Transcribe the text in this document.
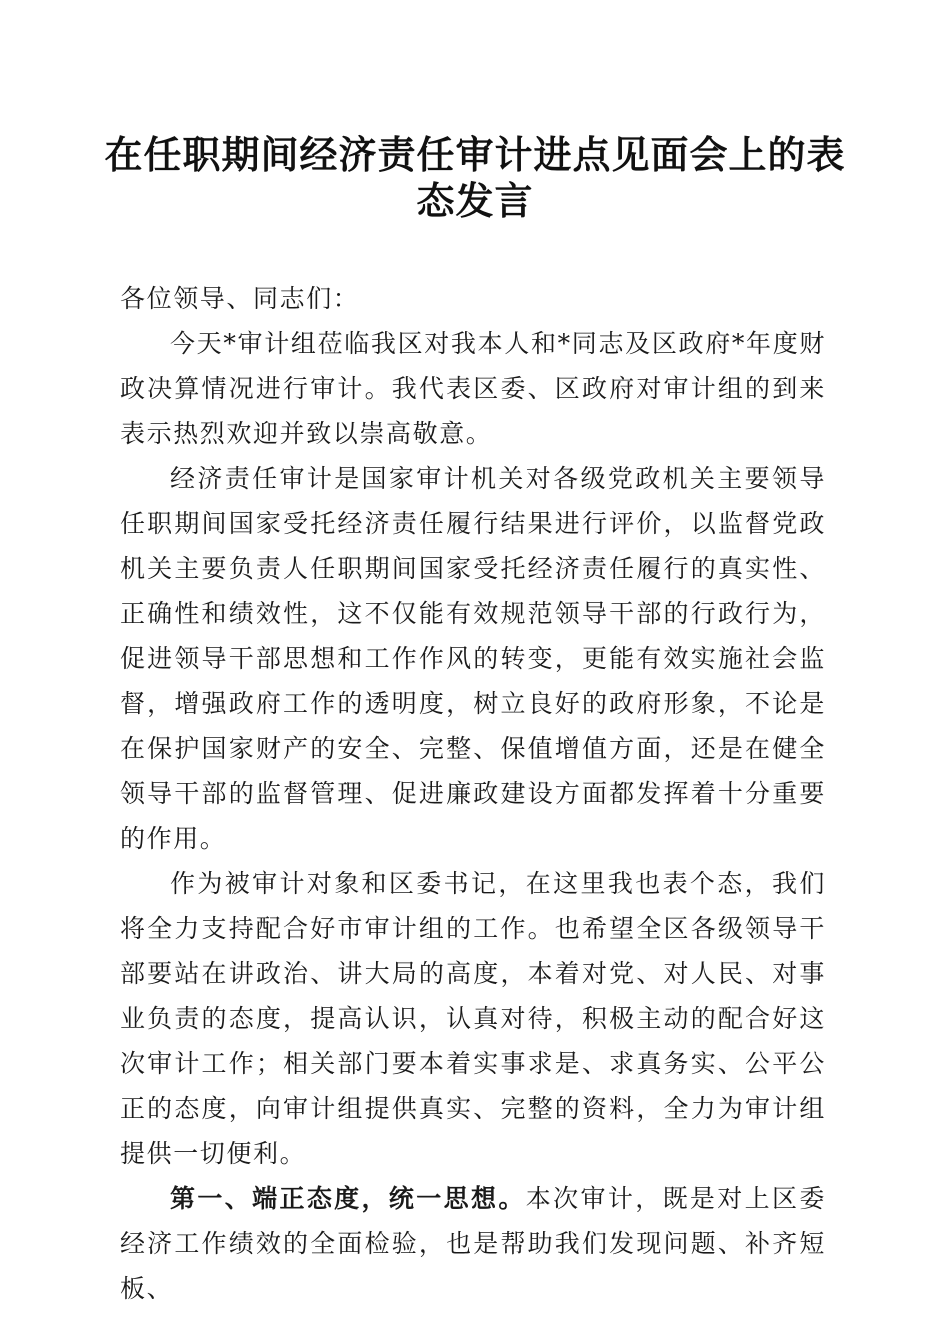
在任职期间经济责任审计进点见面会上的表态发言

各位领导、同志们：

今天*审计组莅临我区对我本人和*同志及区政府*年度财政决算情况进行审计。我代表区委、区政府对审计组的到来表示热烈欢迎并致以崇高敬意。

经济责任审计是国家审计机关对各级党政机关主要领导任职期间国家受托经济责任履行结果进行评价，以监督党政机关主要负责人任职期间国家受托经济责任履行的真实性、正确性和绩效性，这不仅能有效规范领导干部的行政行为，促进领导干部思想和工作作风的转变，更能有效实施社会监督，增强政府工作的透明度，树立良好的政府形象，不论是在保护国家财产的安全、完整、保值增值方面，还是在健全领导干部的监督管理、促进廉政建设方面都发挥着十分重要的作用。

作为被审计对象和区委书记，在这里我也表个态，我们将全力支持配合好市审计组的工作。也希望全区各级领导干部要站在讲政治、讲大局的高度，本着对党、对人民、对事业负责的态度，提高认识，认真对待，积极主动的配合好这次审计工作；相关部门要本着实事求是、求真务实、公平公正的态度，向审计组提供真实、完整的资料，全力为审计组提供一切便利。

第一、端正态度，统一思想。本次审计，既是对上区委经济工作绩效的全面检验，也是帮助我们发现问题、补齐短板、
